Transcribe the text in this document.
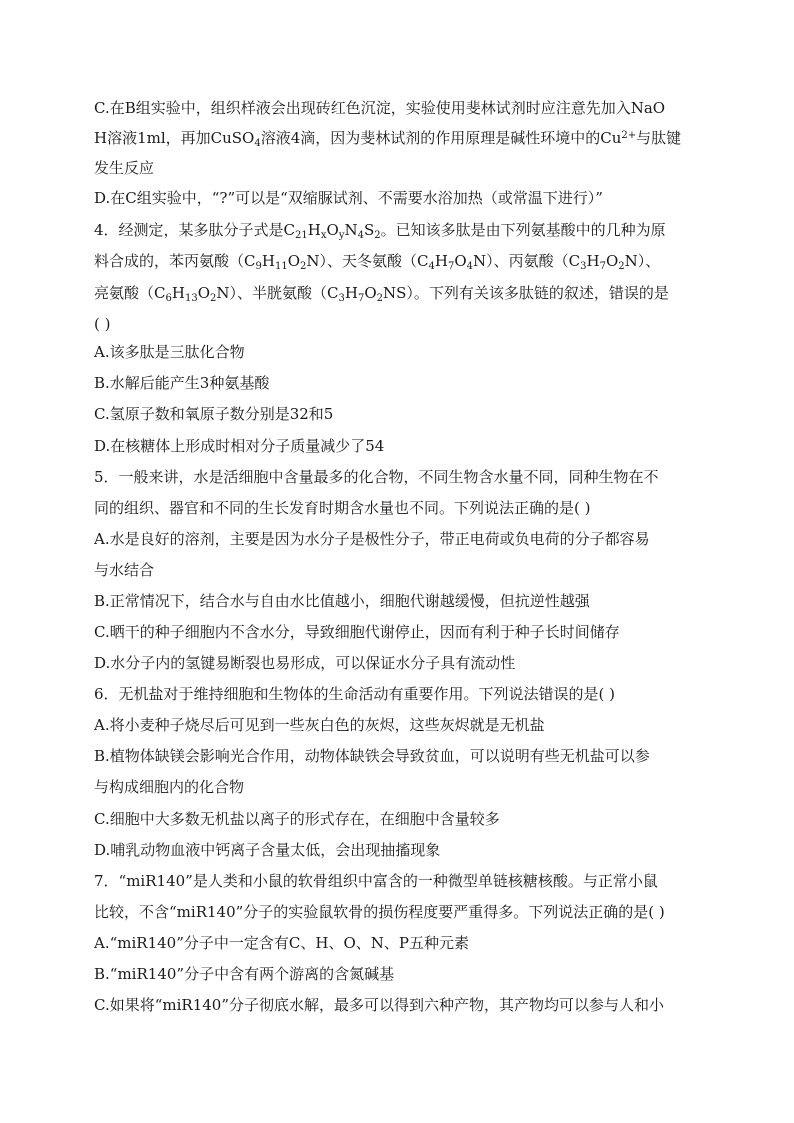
C.在B组实验中，组织样液会出现砖红色沉淀，实验使用斐林试剂时应注意先加入NaO
H溶液1ml，再加CuSO$_4$溶液4滴，因为斐林试剂的作用原理是碱性环境中的$Cu^{2+}$与肽键
发生反应
D.在C组实验中，“?”可以是“双缩脲试剂、不需要水浴加热（或常温下进行）”
4．经测定，某多肽分子式是$C_{21}H_xO_yN_4S_2$。已知该多肽是由下列氨基酸中的几种为原
料合成的，苯丙氨酸$(C_9H_{11}O_2N)$、天冬氨酸$(C_4H_7O_4N)$、丙氨酸$(C_3H_7O_2N)$、
亮氨酸$(C_6H_{13}O_2N)$、半胱氨酸$(C_3H_7O_2NS)$。下列有关该多肽链的叙述，错误的是
( )
A.该多肽是三肽化合物
B.水解后能产生3种氨基酸
C.氢原子数和氧原子数分别是32和5
D.在核糖体上形成时相对分子质量减少了54
5．一般来讲，水是活细胞中含量最多的化合物，不同生物含水量不同，同种生物在不
同的组织、器官和不同的生长发育时期含水量也不同。下列说法正确的是( )
A.水是良好的溶剂，主要是因为水分子是极性分子，带正电荷或负电荷的分子都容易
与水结合
B.正常情况下，结合水与自由水比值越小，细胞代谢越缓慢，但抗逆性越强
C.晒干的种子细胞内不含水分，导致细胞代谢停止，因而有利于种子长时间储存
D.水分子内的氢键易断裂也易形成，可以保证水分子具有流动性
6．无机盐对于维持细胞和生物体的生命活动有重要作用。下列说法错误的是( )
A.将小麦种子烧尽后可见到一些灰白色的灰烬，这些灰烬就是无机盐
B.植物体缺镁会影响光合作用，动物体缺铁会导致贫血，可以说明有些无机盐可以参
与构成细胞内的化合物
C.细胞中大多数无机盐以离子的形式存在，在细胞中含量较多
D.哺乳动物血液中钙离子含量太低，会出现抽搐现象
7．“miR140”是人类和小鼠的软骨组织中富含的一种微型单链核糖核酸。与正常小鼠
比较，不含“miR140”分子的实验鼠软骨的损伤程度要严重得多。下列说法正确的是( )
A.“miR140”分子中一定含有C、H、O、N、P五种元素
B.“miR140”分子中含有两个游离的含氮碱基
C.如果将“miR140”分子彻底水解，最多可以得到六种产物，其产物均可以参与人和小
